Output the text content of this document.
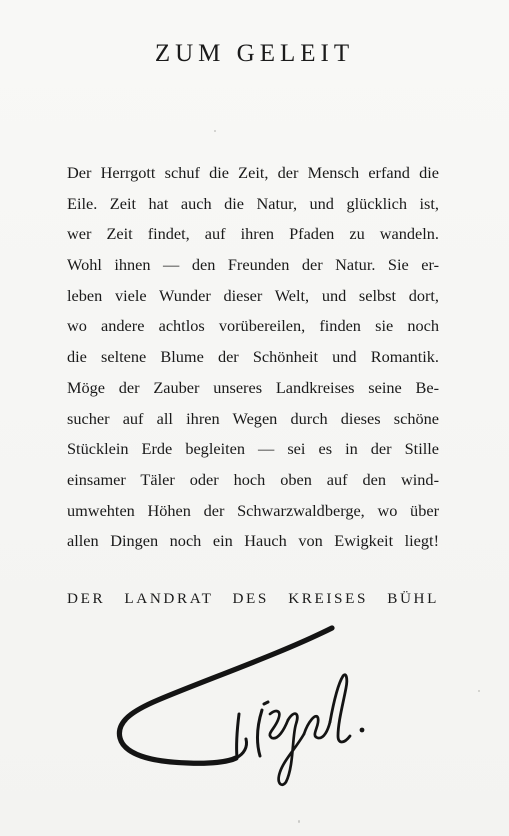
ZUM GELEIT
Der Herrgott schuf die Zeit, der Mensch erfand die
Eile. Zeit hat auch die Natur, und glücklich ist,
wer Zeit findet, auf ihren Pfaden zu wandeln.
Wohl ihnen — den Freunden der Natur. Sie er-
leben viele Wunder dieser Welt, und selbst dort,
wo andere achtlos vorübereilen, finden sie noch
die seltene Blume der Schönheit und Romantik.
Möge der Zauber unseres Landkreises seine Be-
sucher auf all ihren Wegen durch dieses schöne
Stücklein Erde begleiten — sei es in der Stille
einsamer Täler oder hoch oben auf den wind-
umwehten Höhen der Schwarzwaldberge, wo über
allen Dingen noch ein Hauch von Ewigkeit liegt!
DER LANDRAT DES KREISES BÜHL
